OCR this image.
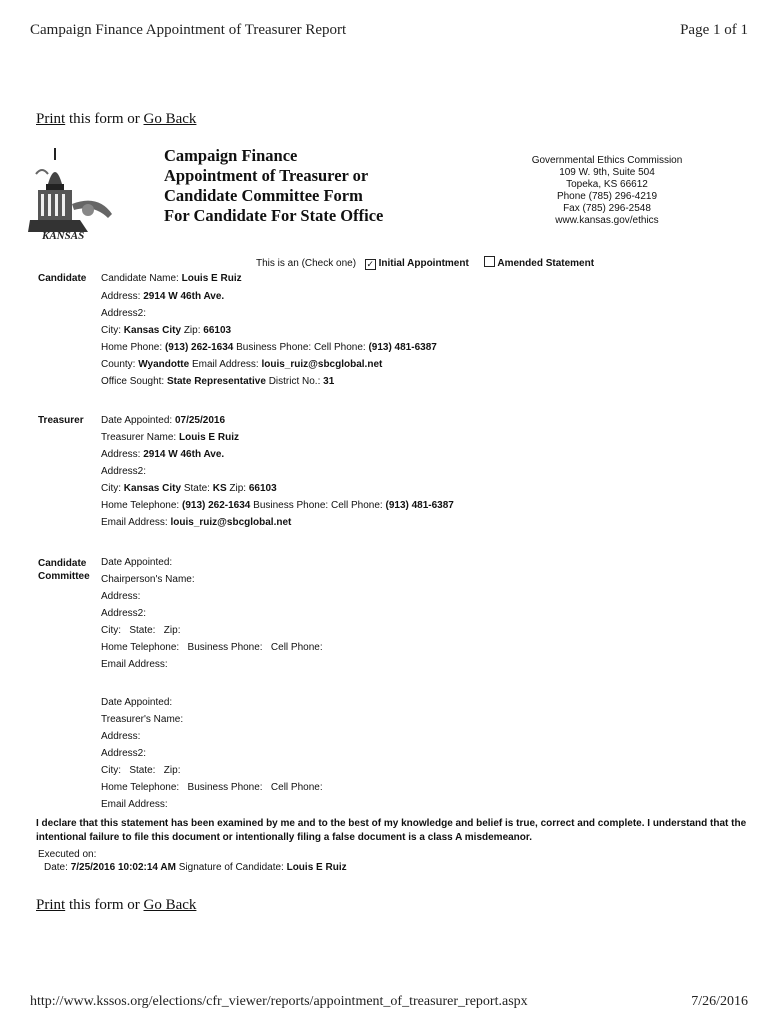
Campaign Finance Appointment of Treasurer Report	Page 1 of 1
Print this form or Go Back
KANSAS
Campaign Finance
Appointment of Treasurer or
Candidate Committee Form
For Candidate For State Office
Governmental Ethics Commission
109 W. 9th, Suite 504
Topeka, KS 66612
Phone (785) 296-4219
Fax (785) 296-2548
www.kansas.gov/ethics
This is an (Check one) ✓ Initial Appointment	Amended Statement
Candidate Candidate Name: Louis E Ruiz
Address: 2914 W 46th Ave.
Address2:
City: Kansas City Zip: 66103
Home Phone: (913) 262-1634 Business Phone: Cell Phone: (913) 481-6387
County: Wyandotte Email Address: louis_ruiz@sbcglobal.net
Office Sought: State Representative District No.: 31
Treasurer Date Appointed: 07/25/2016
Treasurer Name: Louis E Ruiz
Address: 2914 W 46th Ave.
Address2:
City: Kansas City State: KS Zip: 66103
Home Telephone: (913) 262-1634 Business Phone: Cell Phone: (913) 481-6387
Email Address: louis_ruiz@sbcglobal.net
Candidate
Committee
Date Appointed:
Chairperson's Name:
Address:
Address2:
City:   State:   Zip:
Home Telephone:   Business Phone:   Cell Phone:
Email Address:
Date Appointed:
Treasurer's Name:
Address:
Address2:
City:   State:   Zip:
Home Telephone:   Business Phone:   Cell Phone:
Email Address:
I declare that this statement has been examined by me and to the best of my knowledge and belief is true, correct and complete. I understand that the intentional failure to file this document or intentionally filing a false document is a class A misdemeanor.
Executed on:
Date: 7/25/2016 10:02:14 AM Signature of Candidate: Louis E Ruiz
Print this form or Go Back
http://www.kssos.org/elections/cfr_viewer/reports/appointment_of_treasurer_report.aspx	7/26/2016
